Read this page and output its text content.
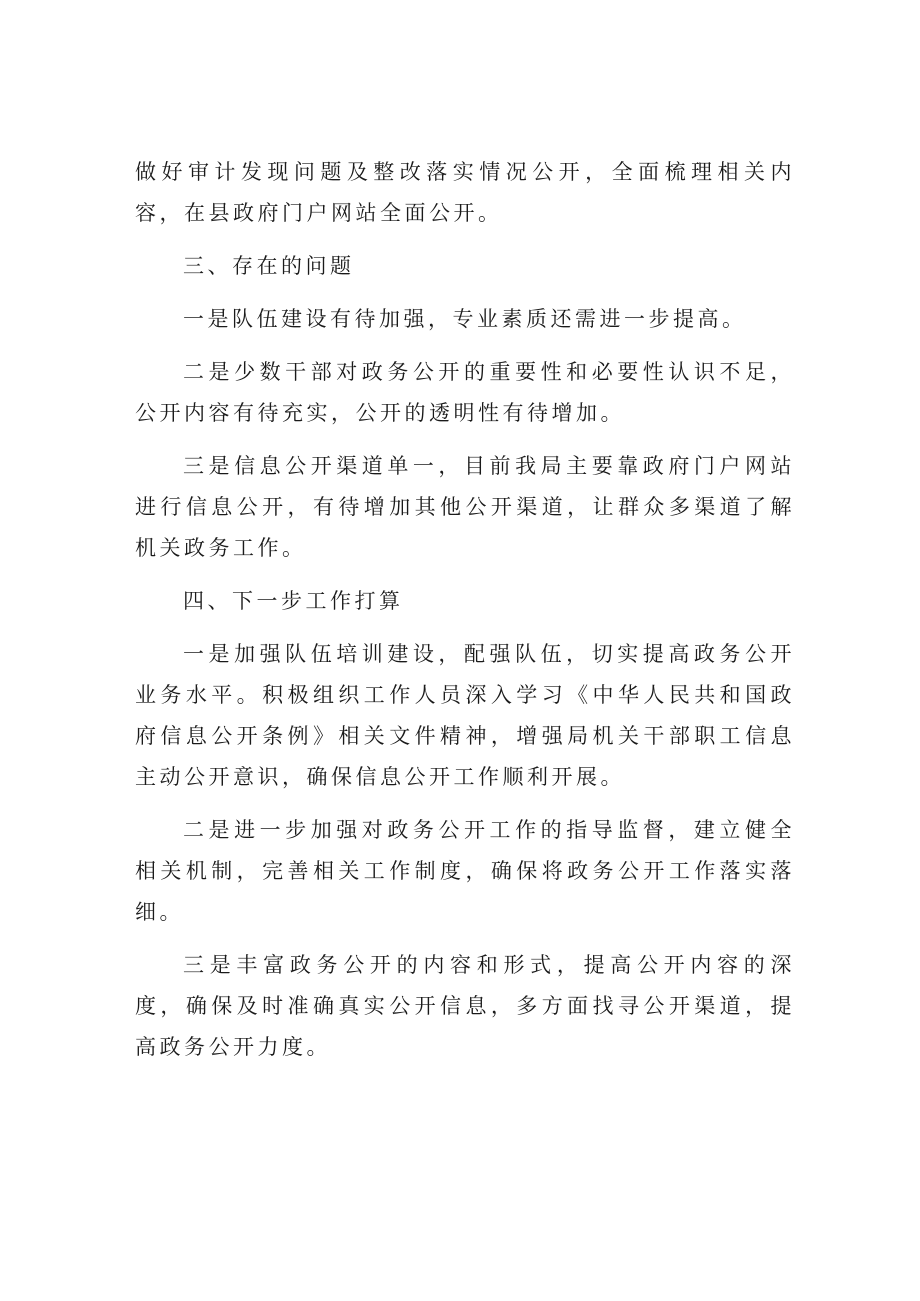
做好审计发现问题及整改落实情况公开，全面梳理相关内容，在县政府门户网站全面公开。

三、存在的问题

一是队伍建设有待加强，专业素质还需进一步提高。

二是少数干部对政务公开的重要性和必要性认识不足，公开内容有待充实，公开的透明性有待增加。

三是信息公开渠道单一，目前我局主要靠政府门户网站进行信息公开，有待增加其他公开渠道，让群众多渠道了解机关政务工作。

四、下一步工作打算

一是加强队伍培训建设，配强队伍，切实提高政务公开业务水平。积极组织工作人员深入学习《中华人民共和国政府信息公开条例》相关文件精神，增强局机关干部职工信息主动公开意识，确保信息公开工作顺利开展。

二是进一步加强对政务公开工作的指导监督，建立健全相关机制，完善相关工作制度，确保将政务公开工作落实落细。

三是丰富政务公开的内容和形式，提高公开内容的深度，确保及时准确真实公开信息，多方面找寻公开渠道，提高政务公开力度。
